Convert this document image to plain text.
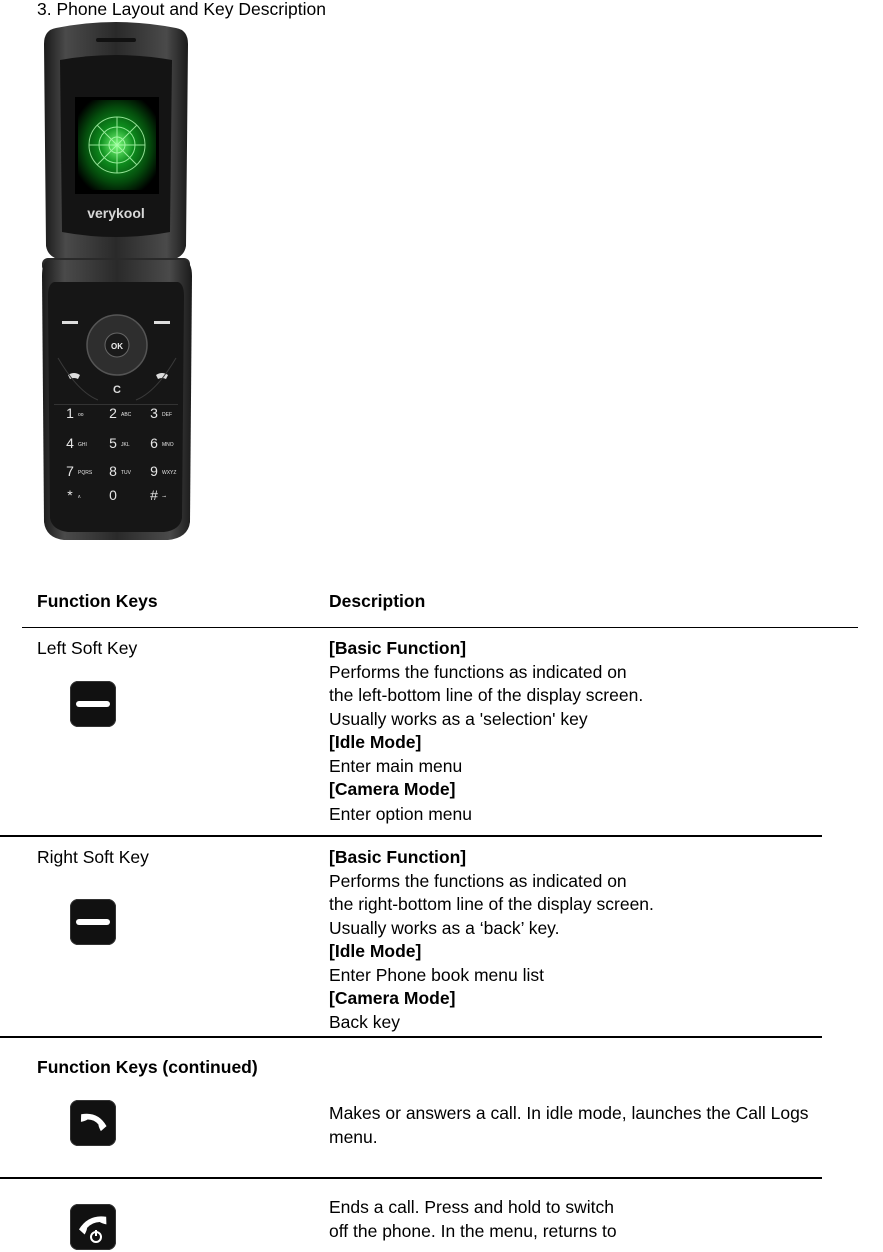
3. Phone Layout and Key Description
verykool
OK
C
1 oo 2 ABC 3 DEF
4 GHI 5 JKL 6 MNO
7 PQRS 8 TUV 9 WXYZ
* ʌ 0 # ⊸
Function Keys	Description
Left Soft Key	[Basic Function]
Performs the functions as indicated on
the left-bottom line of the display screen.
Usually works as a 'selection' key
[Idle Mode]
Enter main menu
[Camera Mode]
Enter option menu
Right Soft Key	[Basic Function]
Performs the functions as indicated on
the right-bottom line of the display screen.
Usually works as a ‘back’ key.
[Idle Mode]
Enter Phone book menu list
[Camera Mode]
Back key
Function Keys (continued)
Makes or answers a call. In idle mode, launches the Call Logs
menu.
Ends a call. Press and hold to switch
off the phone. In the menu, returns to
